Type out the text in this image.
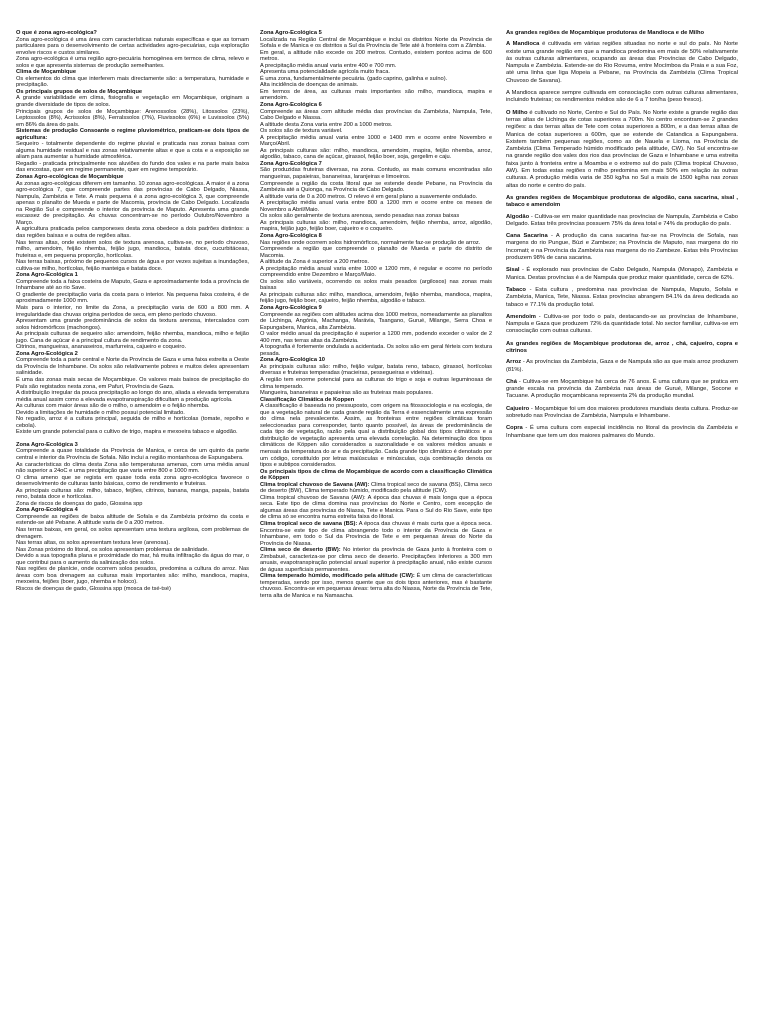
O que é zona agro-ecológica?

Zona agro-ecológica é uma área com características naturais específicas e que as tornam particulares para o desenvolvimento de certas actividades agro-pecuárias, cuja exploração envolve riscos e custos similares.

Zona agro-ecológica é uma região agro-pecuária homogénea em termos de clima, relevo e solos e que apresenta sistemas de produção semelhantes.

Clima de Moçambique

Os elementos do clima que interferem mais directamente são: a temperatura, humidade e precipitação.

Os principais grupos de solos de Moçambique

A grande variabilidade em clima, fisiografia e vegetação em Moçambique, originam a grande diversidade de tipos de solos.

Principais grupos de solos de Moçambique: Arenossolos (28%), Litossolos (23%), Leptossolos (8%), Acrissolos (8%), Ferralssolos (7%), Fluvissolos (6%) e Luvissolos (5%) em 86% da área do país.

Sistemas de produção Consoante o regime pluviométrico, praticam-se dois tipos de agricultura:

Sequeiro - totalmente dependente do regime pluvial e praticada nas zonas baixas com alguma humidade residual e nas zonas relativamente altas e que a cota e a exposição se aliam para aumentar a humidade atmosférica.

Regadio - praticada principalmente nos aluviões do fundo dos vales e na parte mais baixa das encostas, quer em regime permanente, quer em regime temporário.

Zonas Agro-ecológicas de Moçambique

As zonas agro-ecológicas diferem em tamanho. 10 zonas agro-ecológicas. A maior é a zona agro-ecológica 7, que compreende partes das províncias de Cabo Delgado, Niassa, Nampula, Zambézia e Tete. A mais pequena é a zona agro-ecológica 3, que compreende apenas o planalto de Mueda e parte de Macomia, província de Cabo Delgado. Localizada na Região Sul e compreende o interior da província de Maputo. Apresenta uma grande escassez de precipitação. As chuvas concentram-se no período Outubro/Novembro a Março.

A agricultura praticada pelos camponeses desta zona obedece a dois padrões distintos: a das regiões baixas e a outra de regiões altas.

Nas terras altas, onde existem solos de textura arenosa, cultiva-se, no período chuvoso, milho, amendoim, feijão nhemba, feijão jugo, mandioca, batata doce, cucurbitáceas, fruteiras e, em pequena proporção, hortícolas.

Nas terras baixas, próximo de pequenos cursos de água e por vezes sujeitas a inundações, cultiva-se milho, hortícolas, feijão manteiga e batata doce.

Zona Agro-Ecológica 1

Compreende toda a faixa costeira de Maputo, Gaza e aproximadamente toda a província de Inhambane até ao rio Save.

O gradiente de precipitação varia da costa para o interior. Na pequena faixa costeira, é de aproximadamente 1000 mm.

Mais para o interior, no limite da Zona, a precipitação varia de 600 a 800 mm. A irregularidade das chuvas origina períodos de seca, em pleno período chuvoso.

Apresentam uma grande predominância de solos da textura arenosa, intercalados com solos hidromórficos (machongos).

As principais culturas de sequeiro são: amendoim, feijão nhemba, mandioca, milho e feijão jugo. Cana de açúcar é a principal cultura de rendimento da zona.

Citrinos, mangueiras, ananaseiros, marfurreira, cajueiro e coqueiro.

Zona Agro-Ecológica 2

Compreende toda a parte central e Norte da Província de Gaza e uma faixa estreita a Oeste da Província de Inhambane. Os solos são relativamente pobres e muitos deles apresentam salinidade.

É uma das zonas mais secas de Moçambique. Os valores mais baixos de precipitação do País são registados nesta zona, em Pafuri, Província de Gaza.

A distribuição irregular da pouca precipitação ao longo do ano, aliada a elevada temperatura média anual assim como a elevada evapotranspiração dificultam a produção agrícola.

As culturas com maior áreas são de o milho, o amendoim e o feijão nhemba.

Devido a limitações de humidade o milho possui potencial limitado.

No regadio, arroz é a cultura principal, seguida de milho e hortícolas (tomate, repolho e cebola).

Existe um grande potencial para o cultivo de trigo, mapira e mexoeira tabaco e algodão.

Zona Agro-Ecológica 3

Compreende a quase totalidade da Província de Manica, e cerca de um quinto da parte central e interior da Província de Sofala. Não inclui a região montanhosa de Espungabera.

As características do clima desta Zona são temperaturas amenas, com uma média anual não superior a 24oC e uma precipitação que varia entre 800 e 1000 mm.

O clima ameno que se regista em quase toda esta zona agro-ecológica favorece o desenvolvimento de culturas tanto básicas, como de rendimento e fruteiras.

As principais culturas são: milho, tabaco, feijões, citrinos, banana, manga, papaia, batata reno, batata doce e hortícolas.

Zona de riscos de doenças do gado, Glossina spp

Zona Agro-Ecológica 4

Compreende as regiões de baixa altitude de Sofala e da Zambézia próximo da costa e estende-se até Pebane. A altitude varia de 0 a 200 metros.

Nas terras baixas, em geral, os solos apresentam uma textura argilosa, com problemas de drenagem.

Nas terras altas, os solos apresentam textura leve (arenosa).

Nas Zonas próximo do litoral, os solos apresentam problemas de salinidade.

Devido a sua topografia plana e proximidade do mar, há muita infiltração da água do mar, o que contribui para o aumento da salinização dos solos.

Nas regiões de planície, onde ocorrem solos pesados, predomina a cultura do arroz. Nas áreas com boa drenagem as culturas mais importantes são: milho, mandioca, mapira, mexoeira, feijões (boer, jugo, nhemba e holoco).

Riscos de doenças de gado, Glossina spp (mosca de tsé-tsé)

Zona Agro-Ecológica 5

Localizada na Região Central de Moçambique e inclui os distritos Norte da Província de Sofala e de Manica e os distritos a Sul da Província de Tete até à fronteira com a Zâmbia.

Em geral, a altitude não excede os 200 metros. Contudo, existem pontos acima de 600 metros.

A precipitação média anual varia entre 400 e 700 mm.

Apresenta uma potencialidade agrícola muito fraca.

É uma zona, fundamentalmente pecuária. (gado caprino, galinha e suíno).

Alta incidência de doenças de animais.

Em termos de área, as culturas mais importantes são milho, mandioca, mapira e amendoim.

Zona Agro-Ecológica 6

Compreende as áreas com altitude média das províncias da Zambézia, Nampula, Tete, Cabo Delgado e Niassa.

A altitude desta Zona varia entre 200 a 1000 metros.

Os solos são de textura variável.

A precipitação média anual varia entre 1000 e 1400 mm e ocorre entre Novembro e Março/Abril.

As principais culturas são: milho, mandioca, amendoim, mapira, feijão nhemba, arroz, algodão, tabaco, cana de açúcar, girassol, feijão boer, soja, gergelim e caju.

Zona Agro-Ecológica 7

São produzidas fruteiras diversas, na zona. Contudo, as mais comuns encontradas são mangueiras, papaieiras, bananeiras, laranjeiras e limoeiros.

Compreende a região da costa litoral que se estende desde Pebane, na Província da Zambézia até a Quionga, na Província de Cabo Delgado.

A altitude varia de 0 a 200 metros. O relevo é em geral plano a suavemente ondulado.

A precipitação média anual varia entre 800 a 1200 mm e ocorre entre os meses de Novembro a Abril/Maio.

Os solos são geralmente de textura arenosa, sendo pesadas nas zonas baixas

As principais culturas são: milho, mandioca, amendoim, feijão nhemba, arroz, algodão, mapira, feijão jugo, feijão boer, cajueiro e o coqueiro.

Zona Agro-Ecológica 8

Nas regiões onde ocorrem solos hidromórficos, normalmente faz-se produção de arroz.

Compreende a região que compreende o planalto de Mueda e parte do distrito de Macomia.

A altitude da Zona é superior a 200 metros.

A precipitação média anual varia entre 1000 e 1200 mm, é regular e ocorre no período compreendido entre Dezembro e Março/Maio.

Os solos são variáveis, ocorrendo os solos mais pesados (argilosos) nas zonas mais baixas

As principais culturas são: milho, mandioca, amendoim, feijão nhemba, mandioca, mapira, feijão jugo, feijão boer, cajueiro, feijão nhemba, algodão e tabaco.

Zona Agro-Ecológica 9

Compreende as regiões com altitudes acima dos 1000 metros, nomeadamente as planaltos de Lichinga, Angónia, Machanga, Marávia, Tsangano, Gurué, Milange, Serra Choa e Espungabera, Manica, alta Zambézia.

O valor médio anual da precipitação é superior a 1200 mm, podendo exceder o valor de 2 400 mm, nas terras altas da Zambézia.

A topografia é fortemente ondulada a acidentada. Os solos são em geral férteis com textura pesada.

Zona Agro-Ecológica 10

As principais culturas são: milho, feijão vulgar, batata reno, tabaco, girassol, hortícolas diversas e fruteiras temperadas (macieiras, pessegueiras e videiras).

A região tem enorme potencial para as culturas do trigo e soja e outras leguminosas de clima temperado.

Mangueira, bananeiras e papaieiras são as fruteiras mais populares.

Classificação Climática de Koppen

A classificação é baseada no pressuposto, com origem na fitossociologia e na ecologia, de que a vegetação natural de cada grande região da Terra é essencialmente uma expressão do clima nela prevalecente. Assim, as fronteiras entre regiões climáticas foram seleccionadas para corresponder, tanto quanto possível, às áreas de predominância de cada tipo de vegetação, razão pela qual a distribuição global dos tipos climáticos e a distribuição de vegetação apresenta uma elevada correlação. Na determinação dos tipos climáticos de Köppen são considerados a sazonalidade e os valores médios anuais e mensais da temperatura do ar e da precipitação. Cada grande tipo climático é denotado por um código, constituído por letras maiúsculas e minúsculas, cuja combinação denota os tipos e subtipos considerados.

Os principais tipos de clima de Moçambique de acordo com a classificação Climática de Köppen

Clima tropical chuvoso de Savana (AW): Clima tropical seco de savana (BS), Clima seco de deserto (BW), Clima temperado húmido, modificado pela altitude (CW).

Clima tropical chuvoso de Savana (AW): A época das chuvas é mais longa que a época seca. Este tipo de clima domina nas províncias do Norte e Centro, com excepção de algumas áreas das províncias do Niassa, Tete e Manica. Para o Sul do Rio Save, este tipo de clima só se encontra numa estreita faixa do litoral.

Clima tropical seco de savana (BS): A época das chuvas é mais curta que a época seca. Encontra-se este tipo de clima abrangendo todo o interior da Província de Gaza e Inhambane, em todo o Sul da Província de Tete e em pequenas áreas do Norte da Província de Niassa.

Clima seco de deserto (BW): No interior da província de Gaza junto à fronteira com o Zimbabué, caracteriza-se por clima seco de deserto. Precipitações inferiores a 300 mm anuais, evapotranspiração potencial anual superior à precipitação anual, não existe cursos de águas superficiais permanentes.

Clima temperado húmido, modificado pela altitude (CW): É um clima de características temperadas, sendo por isso, menos quente que os dois tipos anteriores, mas é bastante chuvoso. Encontra-se em pequenas áreas: terra alta do Niassa, Norte da Província de Tete, terra alta de Manica e na Namaacha.

As grandes regiões de Moçambique produtoras de Mandioca e de Milho

A Mandioca é cultivada em várias regiões situadas no norte e sul do país. No Norte existe uma grande região em que a mandioca predomina em mais de 50% relativamente às outras culturas alimentares, ocupando as áreas das Províncias de Cabo Delgado, Nampula e Zambézia. Estende-se do Rio Rovuma, entre Mocímboa da Praia e a sua Foz, até uma linha que liga Mopeia a Pebane, na Província da Zambézia (Clima Tropical Chuvoso de Savana).

A Mandioca aparece sempre cultivada em consociação com outras culturas alimentares, incluindo fruteiras; os rendimentos médios são de 6 a 7 ton/ha (peso fresco).

O Milho é cultivado no Norte, Centro e Sul do País. No Norte existe a grande região das terras altas de Lichinga de cotas superiores a 700m. No centro encontram-se 2 grandes regiões: a das terras altas de Tete com cotas superiores a 800m, e a das terras altas de Manica de cotas superiores a 600m, que se estende de Catandica a Espungabera. Existem também pequenas regiões, como as de Nauela e Lioma, na Província de Zambézia (Clima Temperado húmido modificado pela altitude, CW). No Sul encontra-se na grande região dos vales dos rios das províncias de Gaza e Inhambane e uma estreita faixa junto à fronteira entre a Moamba e o extremo sul do país (Clima tropical Chuvoso, AW). Em todas estas regiões o milho predomina em mais 50% em relação às outras culturas. A produção média varia de 350 kg/ha no Sul a mais de 1500 kg/ha nas zonas altas do norte e centro do país.

As grandes regiões de Moçambique produtoras de algodão, cana sacarina, sisal , tabaco e amendoim

Algodão - Cultiva-se em maior quantidade nas províncias de Nampula, Zambézia e Cabo Delgado. Estas três províncias possuem 75% da área total e 74% da produção do país.

Cana Sacarina - A produção da cana sacarina faz-se na Província de Sofala, nas margens do rio Pungue, Búzi e Zambeze; na Província de Maputo, nas margens do rio Incomati; e na Província da Zambézia nas margens do rio Zambeze. Estas três Províncias produzem 98% de cana sacarina.

Sisal - É explorado nas províncias de Cabo Delgado, Nampula (Monapo), Zambézia e Manica. Destas províncias é a de Nampula que produz maior quantidade, cerca de 62%.

Tabaco - Esta cultura , predomina nas províncias de Nampula, Maputo, Sofala e Zambézia, Manica, Tete, Niassa. Estas províncias abrangem 84.1% da área dedicada ao tabaco e 77.1% da produção total.

Amendoim - Cultiva-se por todo o país, destacando-se as províncias de Inhambane, Nampula e Gaza que produzem 72% da quantidade total. No sector familiar, cultiva-se em consociação com outras culturas.

As grandes regiões de Moçambique produtoras de, arroz , chá, cajueiro, copra e citrinos

Arroz - As províncias da Zambézia, Gaza e de Nampula são as que mais arroz produzem (81%).

Chá - Cultiva-se em Moçambique há cerca de 76 anos. É uma cultura que se pratica em grande escala na província da Zambézia nas áreas de Gurué, Milange, Socone e Tacuane. A produção moçambicana representa 2% da produção mundial.

Cajueiro - Moçambique foi um dos maiores produtores mundiais desta cultura. Produz-se sobretudo nas Províncias de Zambézia, Nampula e Inhambane.

Copra - É uma cultura com especial incidência no litoral da província da Zambézia e Inhambane que tem um dos maiores palmares do Mundo.
